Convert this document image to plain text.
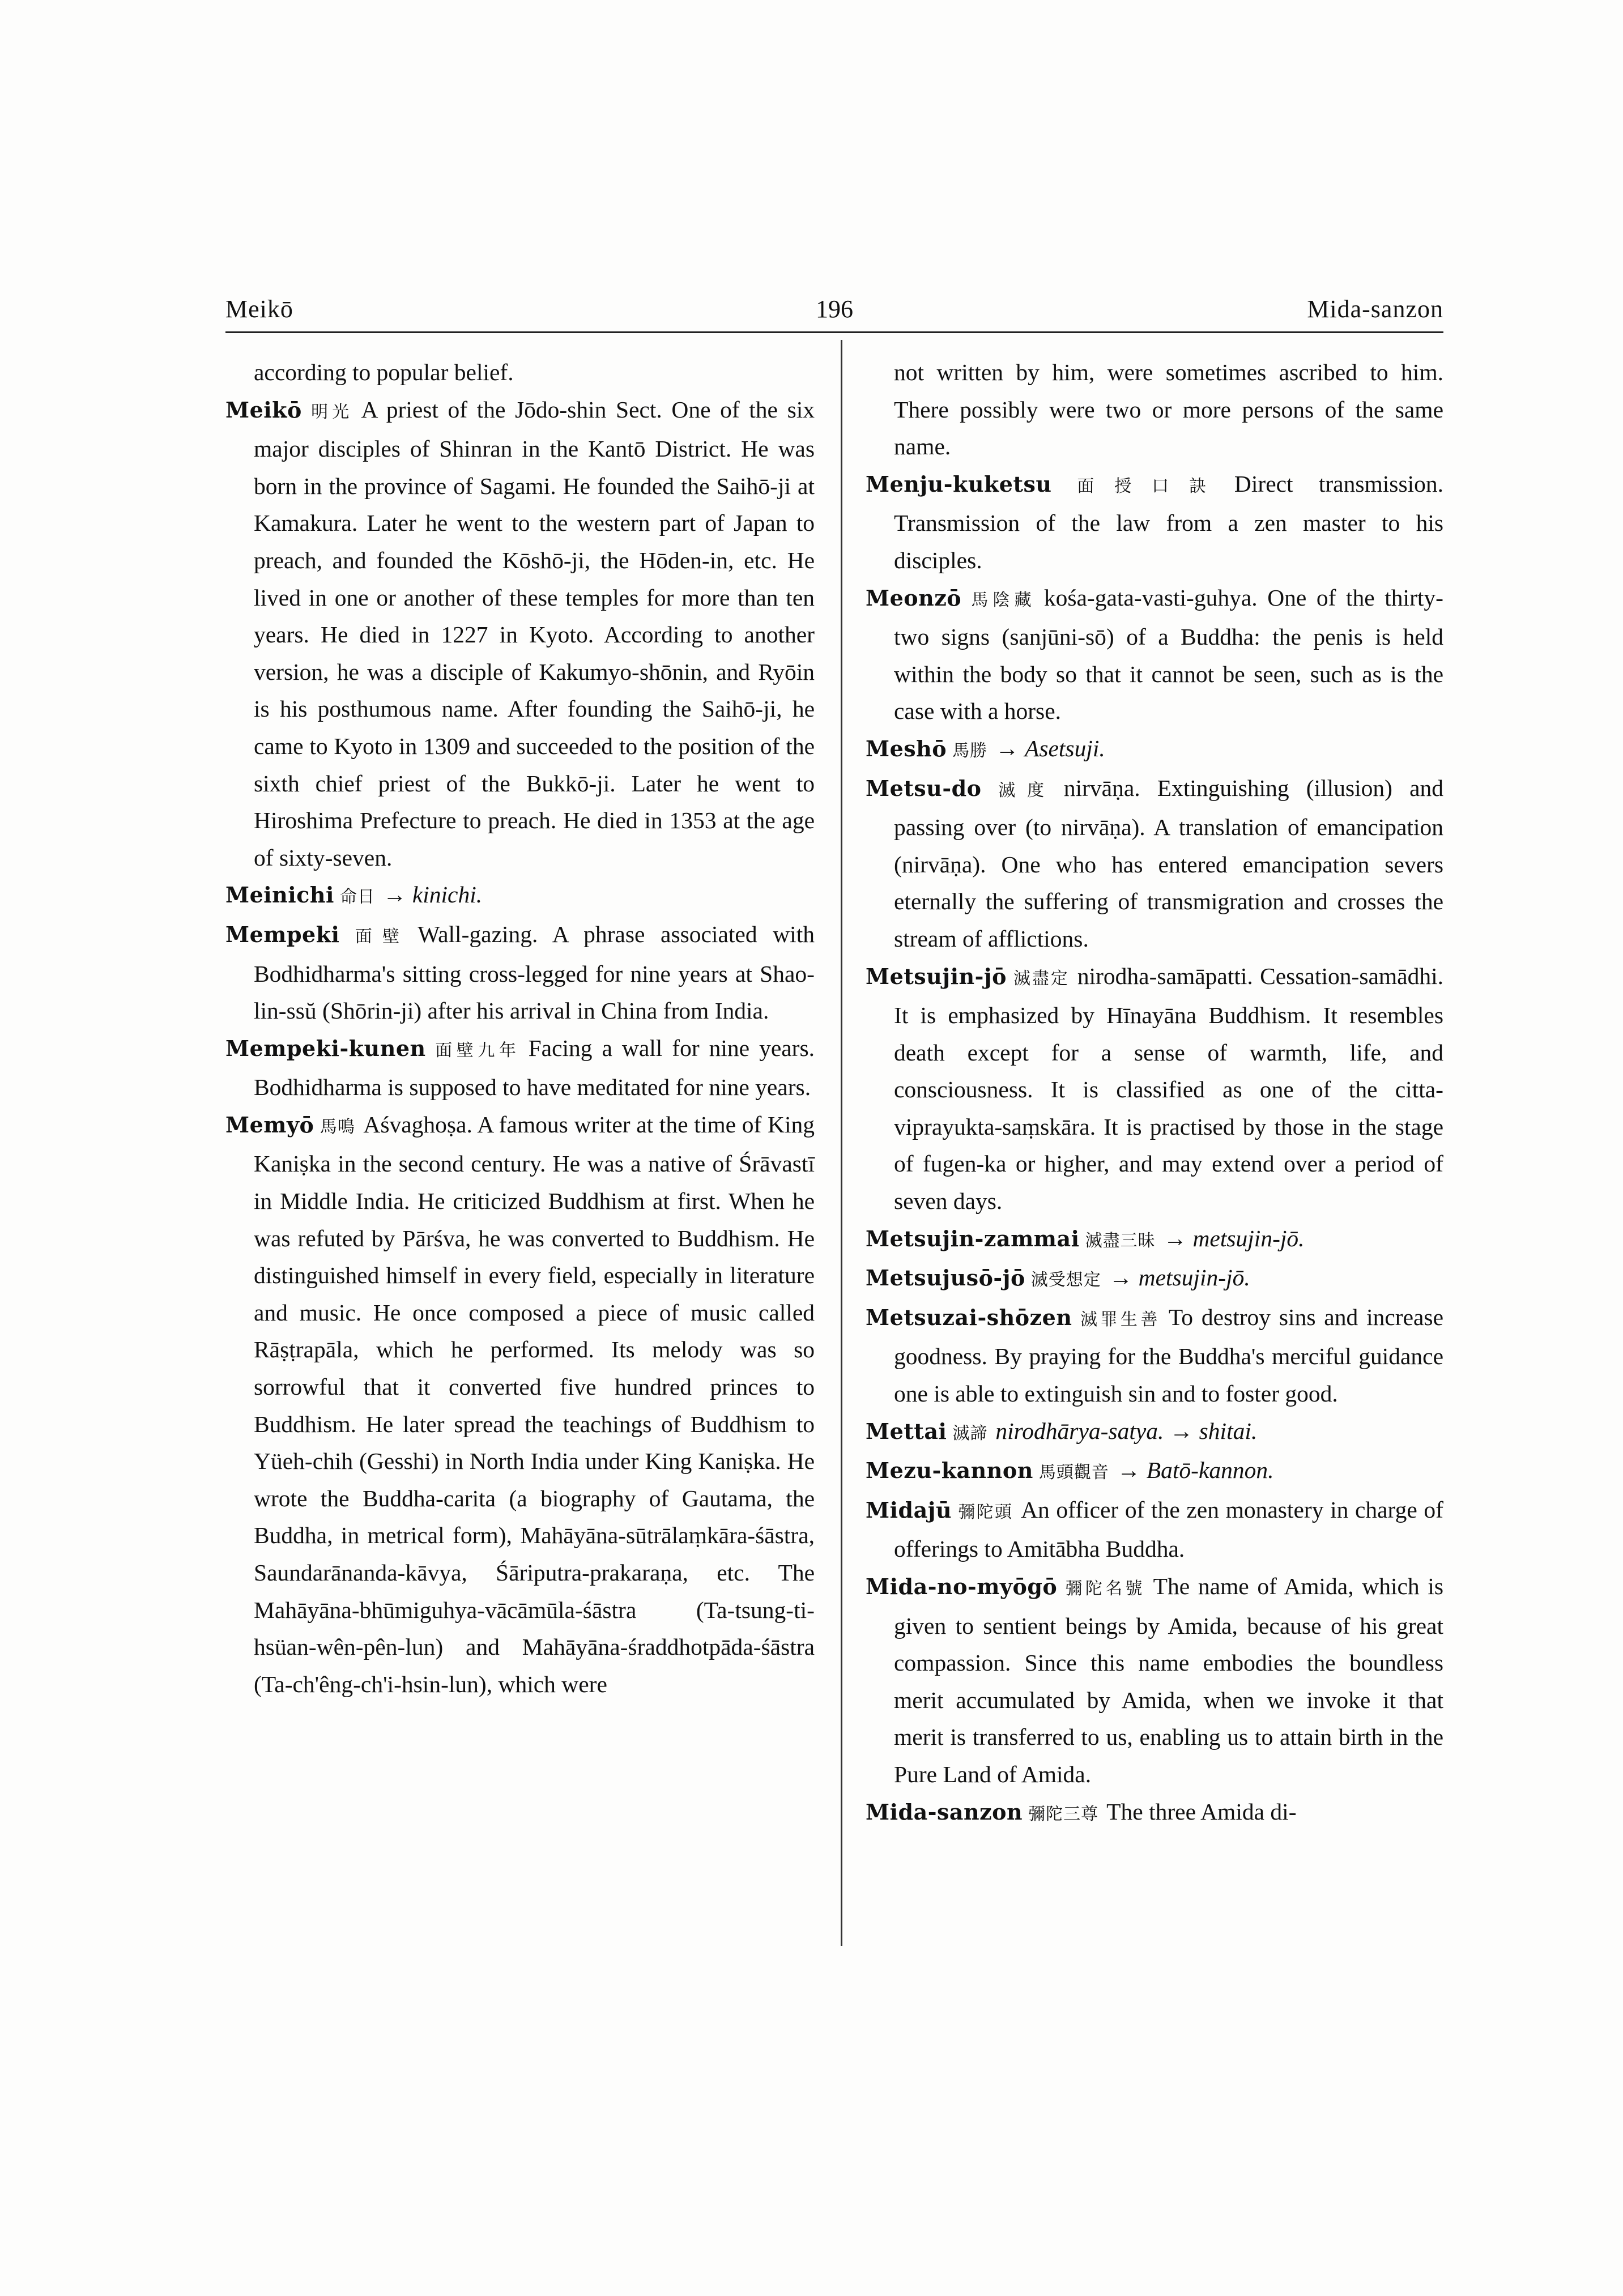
Meikō	196	Mida-sanzon

according to popular belief.

Meikō 明光 A priest of the Jōdo-shin Sect. One of the six major disciples of Shinran in the Kantō District. He was born in the province of Sagami. He founded the Saihō-ji at Kamakura. Later he went to the western part of Japan to preach, and founded the Kōshō-ji, the Hōden-in, etc. He lived in one or another of these temples for more than ten years. He died in 1227 in Kyoto. According to another version, he was a disciple of Kakumyo-shōnin, and Ryōin is his posthumous name. After founding the Saihō-ji, he came to Kyoto in 1309 and succeeded to the position of the sixth chief priest of the Bukkō-ji. Later he went to Hiroshima Prefecture to preach. He died in 1353 at the age of sixty-seven.

Meinichi 命日 → kinichi.

Mempeki 面壁 Wall-gazing. A phrase associated with Bodhidharma's sitting cross-legged for nine years at Shao-lin-ssŭ (Shōrin-ji) after his arrival in China from India.

Mempeki-kunen 面壁九年 Facing a wall for nine years. Bodhidharma is supposed to have meditated for nine years.

Memyō 馬鳴 Aśvaghoṣa. A famous writer at the time of King Kaniṣka in the second century. He was a native of Śrāvastī in Middle India. He criticized Buddhism at first. When he was refuted by Pārśva, he was converted to Buddhism. He distinguished himself in every field, especially in literature and music. He once composed a piece of music called Rāṣṭrapāla, which he performed. Its melody was so sorrowful that it converted five hundred princes to Buddhism. He later spread the teachings of Buddhism to Yüeh-chih (Gesshi) in North India under King Kaniṣka. He wrote the Buddha-carita (a biography of Gautama, the Buddha, in metrical form), Mahāyāna-sūtrālaṃkāra-śāstra, Saundarānanda-kāvya, Śāriputra-prakaraṇa, etc. The Mahāyāna-bhūmiguhya-vācāmūla-śāstra (Ta-tsung-ti-hsüan-wên-pên-lun) and Mahāyāna-śraddhotpāda-śāstra (Ta-ch'êng-ch'i-hsin-lun), which were

not written by him, were sometimes ascribed to him. There possibly were two or more persons of the same name.

Menju-kuketsu 面授口訣 Direct transmission. Transmission of the law from a zen master to his disciples.

Meonzō 馬陰藏 kośa-gata-vasti-guhya. One of the thirty-two signs (sanjūni-sō) of a Buddha: the penis is held within the body so that it cannot be seen, such as is the case with a horse.

Meshō 馬勝 → Asetsuji.

Metsu-do 滅度 nirvāṇa. Extinguishing (illusion) and passing over (to nirvāṇa). A translation of emancipation (nirvāṇa). One who has entered emancipation severs eternally the suffering of transmigration and crosses the stream of afflictions.

Metsujin-jō 滅盡定 nirodha-samāpatti. Cessation-samādhi. It is emphasized by Hīnayāna Buddhism. It resembles death except for a sense of warmth, life, and consciousness. It is classified as one of the citta-viprayukta-saṃskāra. It is practised by those in the stage of fugen-ka or higher, and may extend over a period of seven days.

Metsujin-zammai 滅盡三昧 → metsujin-jō.

Metsujusō-jō 滅受想定 → metsujin-jō.

Metsuzai-shōzen 滅罪生善 To destroy sins and increase goodness. By praying for the Buddha's merciful guidance one is able to extinguish sin and to foster good.

Mettai 滅諦 nirodhārya-satya. → shitai.

Mezu-kannon 馬頭觀音 → Batō-kannon.

Midajū 彌陀頭 An officer of the zen monastery in charge of offerings to Amitābha Buddha.

Mida-no-myōgō 彌陀名號 The name of Amida, which is given to sentient beings by Amida, because of his great compassion. Since this name embodies the boundless merit accumulated by Amida, when we invoke it that merit is transferred to us, enabling us to attain birth in the Pure Land of Amida.

Mida-sanzon 彌陀三尊 The three Amida di-
